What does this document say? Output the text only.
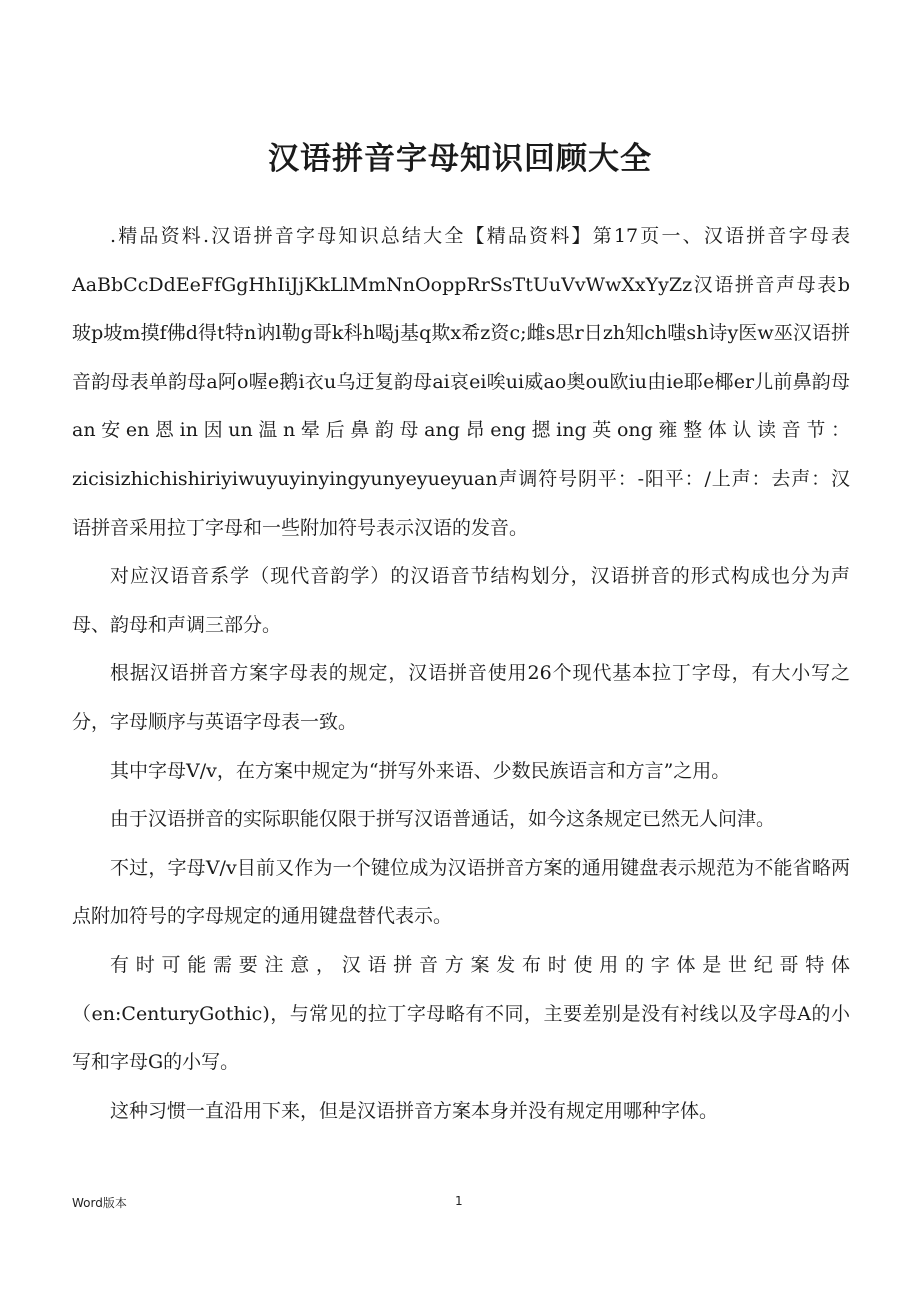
汉语拼音字母知识回顾大全

.精品资料.汉语拼音字母知识总结大全【精品资料】第17页一、汉语拼音字母表AaBbCcDdEeFfGgHhIiJjKkLlMmNnOoppRrSsTtUuVvWwXxYyZz汉语拼音声母表b玻p坡m摸f佛d得t特n讷l勒g哥k科h喝j基q欺x希z资c;雌s思r日zh知ch嗤sh诗y医w巫汉语拼音韵母表单韵母a阿o喔e鹅i衣u乌迂复韵母ai哀ei唉ui威ao奥ou欧iu由ie耶e椰er儿前鼻韵母an安en恩in因un温n晕后鼻韵母ang昂eng摁ing英ong雍整体认读音节：zicisizhichishiriyiwuyuyinyingyunyeyueyuan声调符号阴平：-阳平：/上声：去声：汉语拼音采用拉丁字母和一些附加符号表示汉语的发音。

对应汉语音系学（现代音韵学）的汉语音节结构划分，汉语拼音的形式构成也分为声母、韵母和声调三部分。

根据汉语拼音方案字母表的规定，汉语拼音使用26个现代基本拉丁字母，有大小写之分，字母顺序与英语字母表一致。

其中字母V/v，在方案中规定为“拼写外来语、少数民族语言和方言”之用。

由于汉语拼音的实际职能仅限于拼写汉语普通话，如今这条规定已然无人问津。

不过，字母V/v目前又作为一个键位成为汉语拼音方案的通用键盘表示规范为不能省略两点附加符号的字母规定的通用键盘替代表示。

有时可能需要注意，汉语拼音方案发布时使用的字体是世纪哥特体（en:CenturyGothic)，与常见的拉丁字母略有不同，主要差别是没有衬线以及字母A的小写和字母G的小写。

这种习惯一直沿用下来，但是汉语拼音方案本身并没有规定用哪种字体。

Word版本	1
